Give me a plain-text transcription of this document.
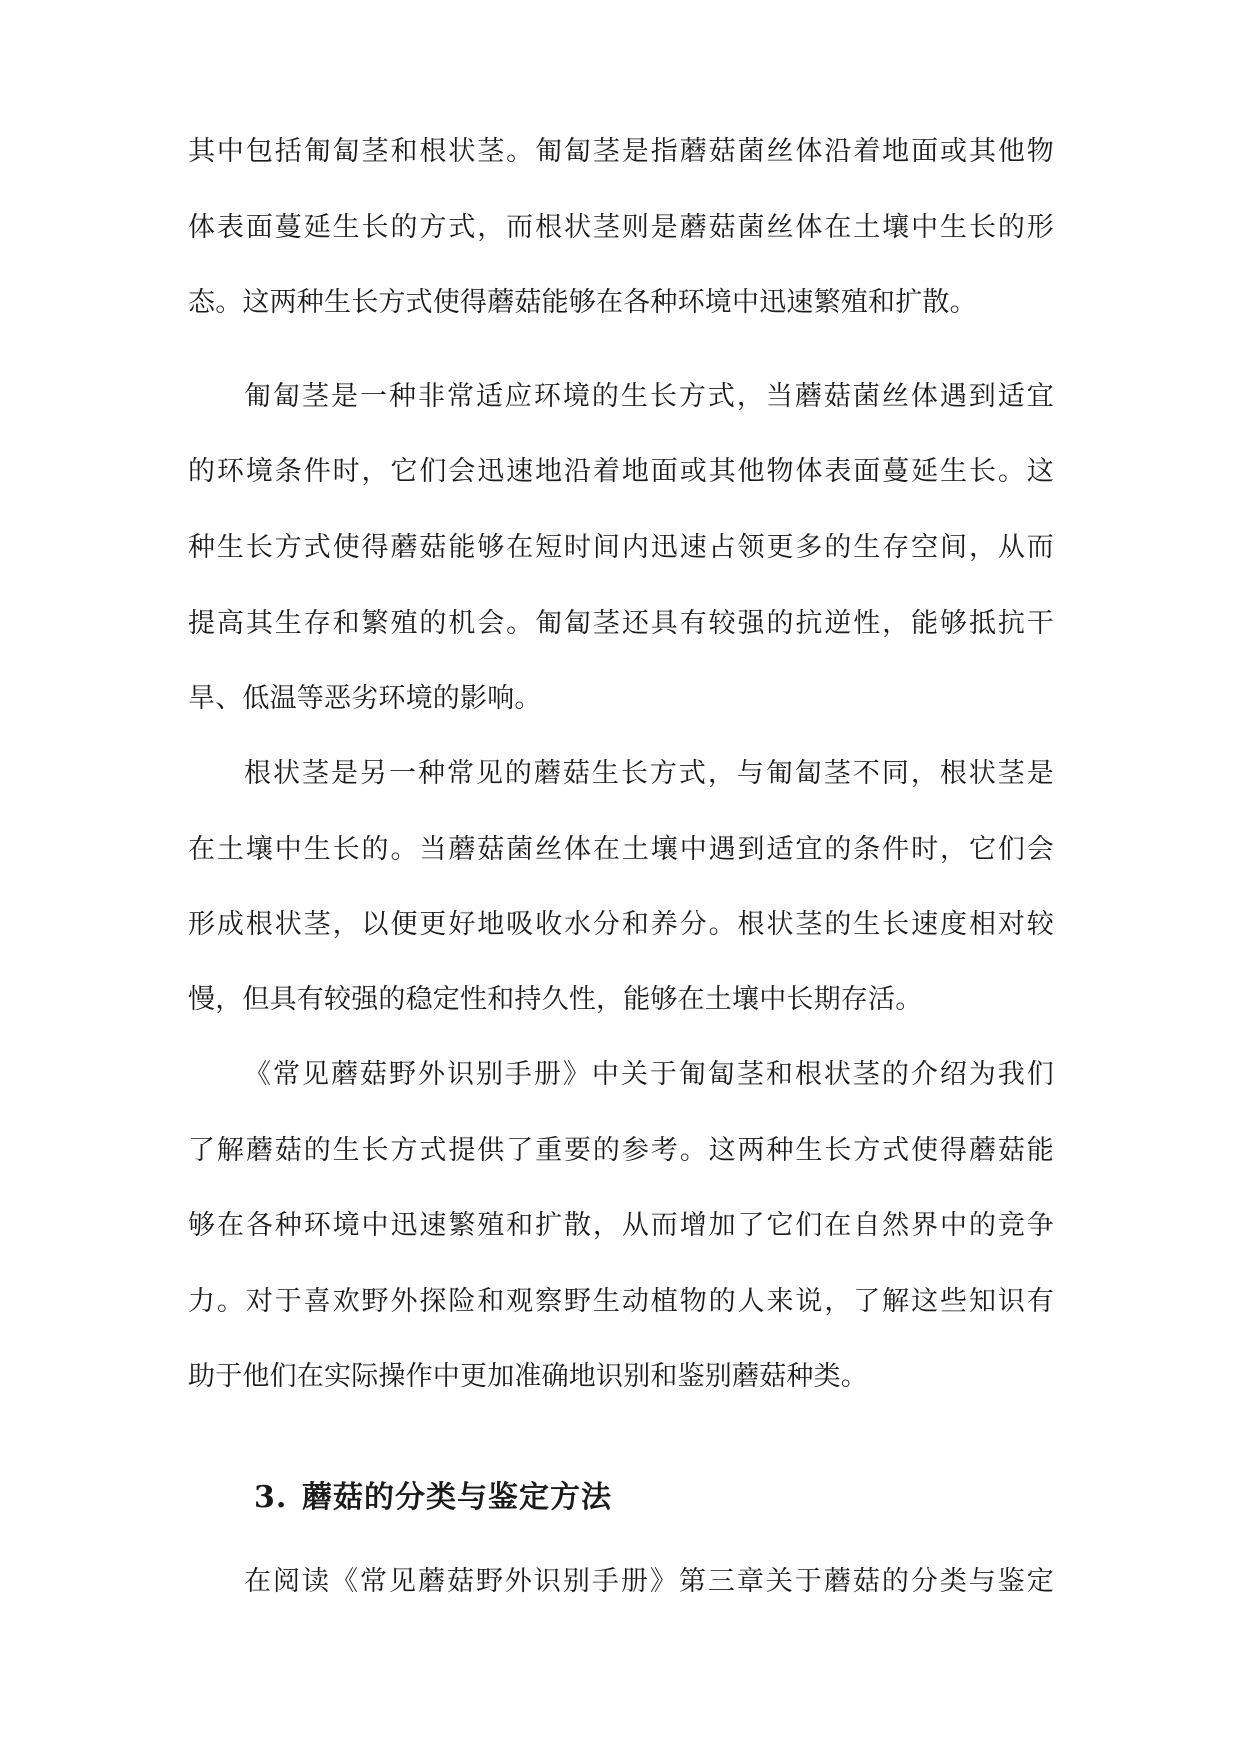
其中包括匍匐茎和根状茎。匍匐茎是指蘑菇菌丝体沿着地面或其他物
体表面蔓延生长的方式，而根状茎则是蘑菇菌丝体在土壤中生长的形
态。这两种生长方式使得蘑菇能够在各种环境中迅速繁殖和扩散。
匍匐茎是一种非常适应环境的生长方式，当蘑菇菌丝体遇到适宜
的环境条件时，它们会迅速地沿着地面或其他物体表面蔓延生长。这
种生长方式使得蘑菇能够在短时间内迅速占领更多的生存空间，从而
提高其生存和繁殖的机会。匍匐茎还具有较强的抗逆性，能够抵抗干
旱、低温等恶劣环境的影响。
根状茎是另一种常见的蘑菇生长方式，与匍匐茎不同，根状茎是
在土壤中生长的。当蘑菇菌丝体在土壤中遇到适宜的条件时，它们会
形成根状茎，以便更好地吸收水分和养分。根状茎的生长速度相对较
慢，但具有较强的稳定性和持久性，能够在土壤中长期存活。
《常见蘑菇野外识别手册》中关于匍匐茎和根状茎的介绍为我们
了解蘑菇的生长方式提供了重要的参考。这两种生长方式使得蘑菇能
够在各种环境中迅速繁殖和扩散，从而增加了它们在自然界中的竞争
力。对于喜欢野外探险和观察野生动植物的人来说，了解这些知识有
助于他们在实际操作中更加准确地识别和鉴别蘑菇种类。
3. 蘑菇的分类与鉴定方法
在阅读《常见蘑菇野外识别手册》第三章关于蘑菇的分类与鉴定
